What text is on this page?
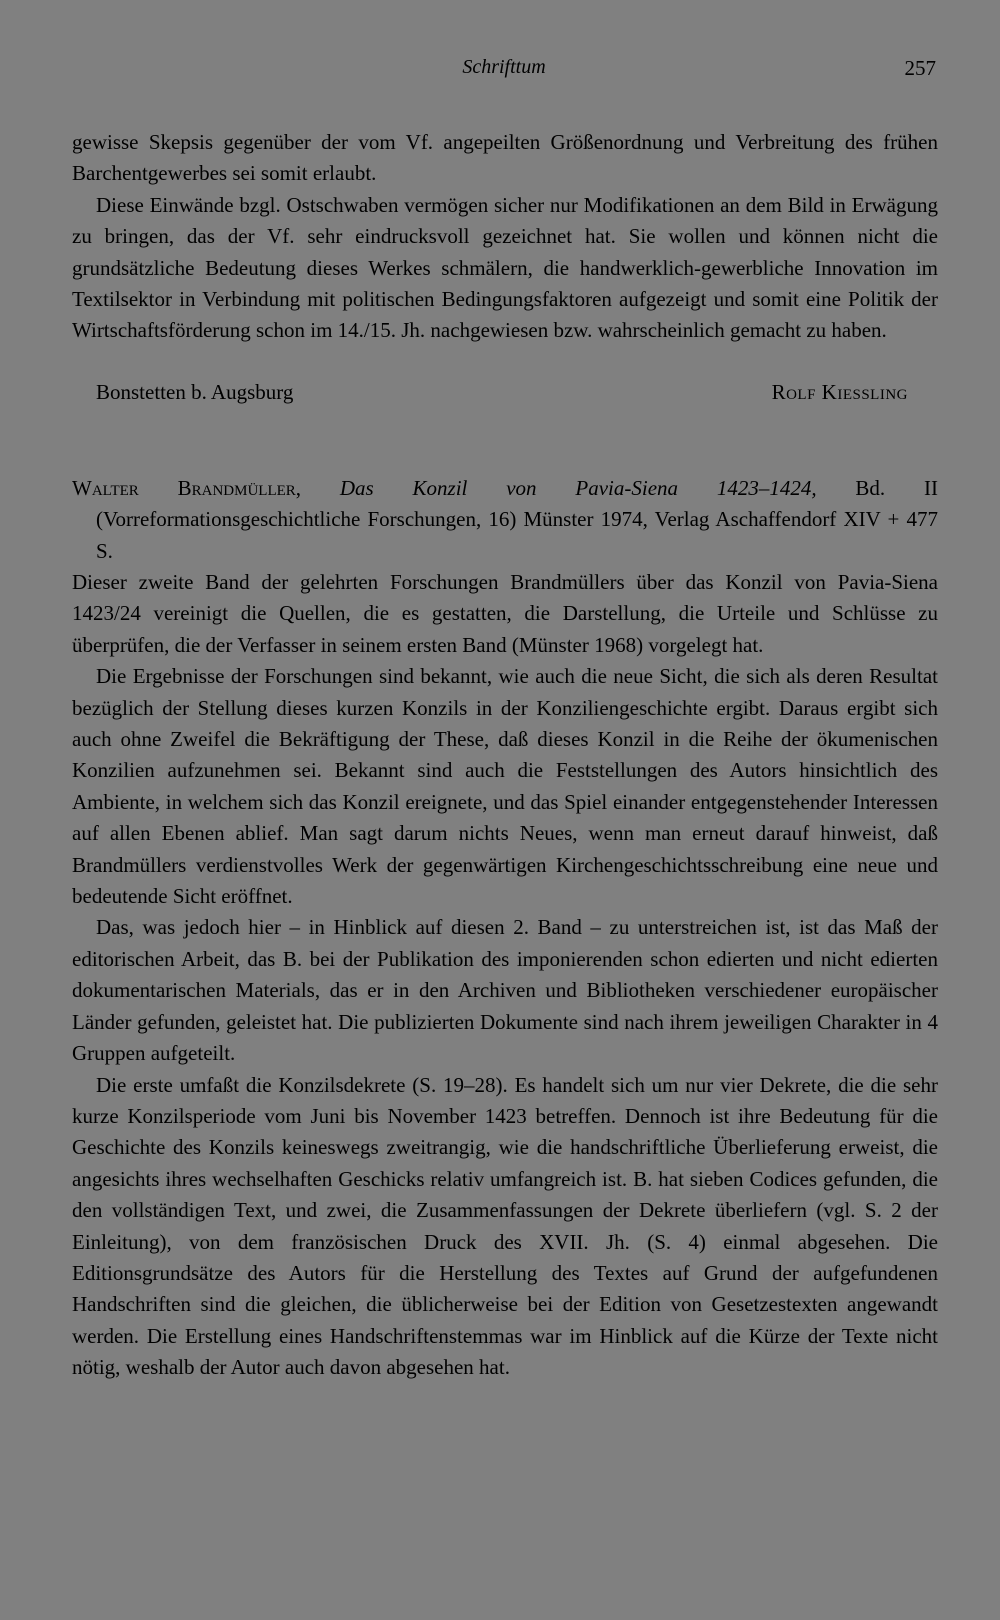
Schrifttum	257

gewisse Skepsis gegenüber der vom Vf. angepeilten Größenordnung und Verbreitung des frühen Barchentgewerbes sei somit erlaubt.

Diese Einwände bzgl. Ostschwaben vermögen sicher nur Modifikationen an dem Bild in Erwägung zu bringen, das der Vf. sehr eindrucksvoll gezeichnet hat. Sie wollen und können nicht die grundsätzliche Bedeutung dieses Werkes schmälern, die handwerklich-gewerbliche Innovation im Textilsektor in Verbindung mit politischen Bedingungsfaktoren aufgezeigt und somit eine Politik der Wirtschaftsförderung schon im 14./15. Jh. nachgewiesen bzw. wahrscheinlich gemacht zu haben.

Bonstetten b. Augsburg	Rolf Kiessling

Walter Brandmüller, Das Konzil von Pavia-Siena 1423–1424, Bd. II (Vorreformationsgeschichtliche Forschungen, 16) Münster 1974, Verlag Aschaffendorf XIV + 477 S.

Dieser zweite Band der gelehrten Forschungen Brandmüllers über das Konzil von Pavia-Siena 1423/24 vereinigt die Quellen, die es gestatten, die Darstellung, die Urteile und Schlüsse zu überprüfen, die der Verfasser in seinem ersten Band (Münster 1968) vorgelegt hat.

Die Ergebnisse der Forschungen sind bekannt, wie auch die neue Sicht, die sich als deren Resultat bezüglich der Stellung dieses kurzen Konzils in der Konziliengeschichte ergibt. Daraus ergibt sich auch ohne Zweifel die Bekräftigung der These, daß dieses Konzil in die Reihe der ökumenischen Konzilien aufzunehmen sei. Bekannt sind auch die Feststellungen des Autors hinsichtlich des Ambiente, in welchem sich das Konzil ereignete, und das Spiel einander entgegenstehender Interessen auf allen Ebenen ablief. Man sagt darum nichts Neues, wenn man erneut darauf hinweist, daß Brandmüllers verdienstvolles Werk der gegenwärtigen Kirchengeschichtsschreibung eine neue und bedeutende Sicht eröffnet.

Das, was jedoch hier – in Hinblick auf diesen 2. Band – zu unterstreichen ist, ist das Maß der editorischen Arbeit, das B. bei der Publikation des imponierenden schon edierten und nicht edierten dokumentarischen Materials, das er in den Archiven und Bibliotheken verschiedener europäischer Länder gefunden, geleistet hat. Die publizierten Dokumente sind nach ihrem jeweiligen Charakter in 4 Gruppen aufgeteilt.

Die erste umfaßt die Konzilsdekrete (S. 19–28). Es handelt sich um nur vier Dekrete, die die sehr kurze Konzilsperiode vom Juni bis November 1423 betreffen. Dennoch ist ihre Bedeutung für die Geschichte des Konzils keineswegs zweitrangig, wie die handschriftliche Überlieferung erweist, die angesichts ihres wechselhaften Geschicks relativ umfangreich ist. B. hat sieben Codices gefunden, die den vollständigen Text, und zwei, die Zusammenfassungen der Dekrete überliefern (vgl. S. 2 der Einleitung), von dem französischen Druck des XVII. Jh. (S. 4) einmal abgesehen. Die Editionsgrundsätze des Autors für die Herstellung des Textes auf Grund der aufgefundenen Handschriften sind die gleichen, die üblicherweise bei der Edition von Gesetzestexten angewandt werden. Die Erstellung eines Handschriftenstemmas war im Hinblick auf die Kürze der Texte nicht nötig, weshalb der Autor auch davon abgesehen hat.
